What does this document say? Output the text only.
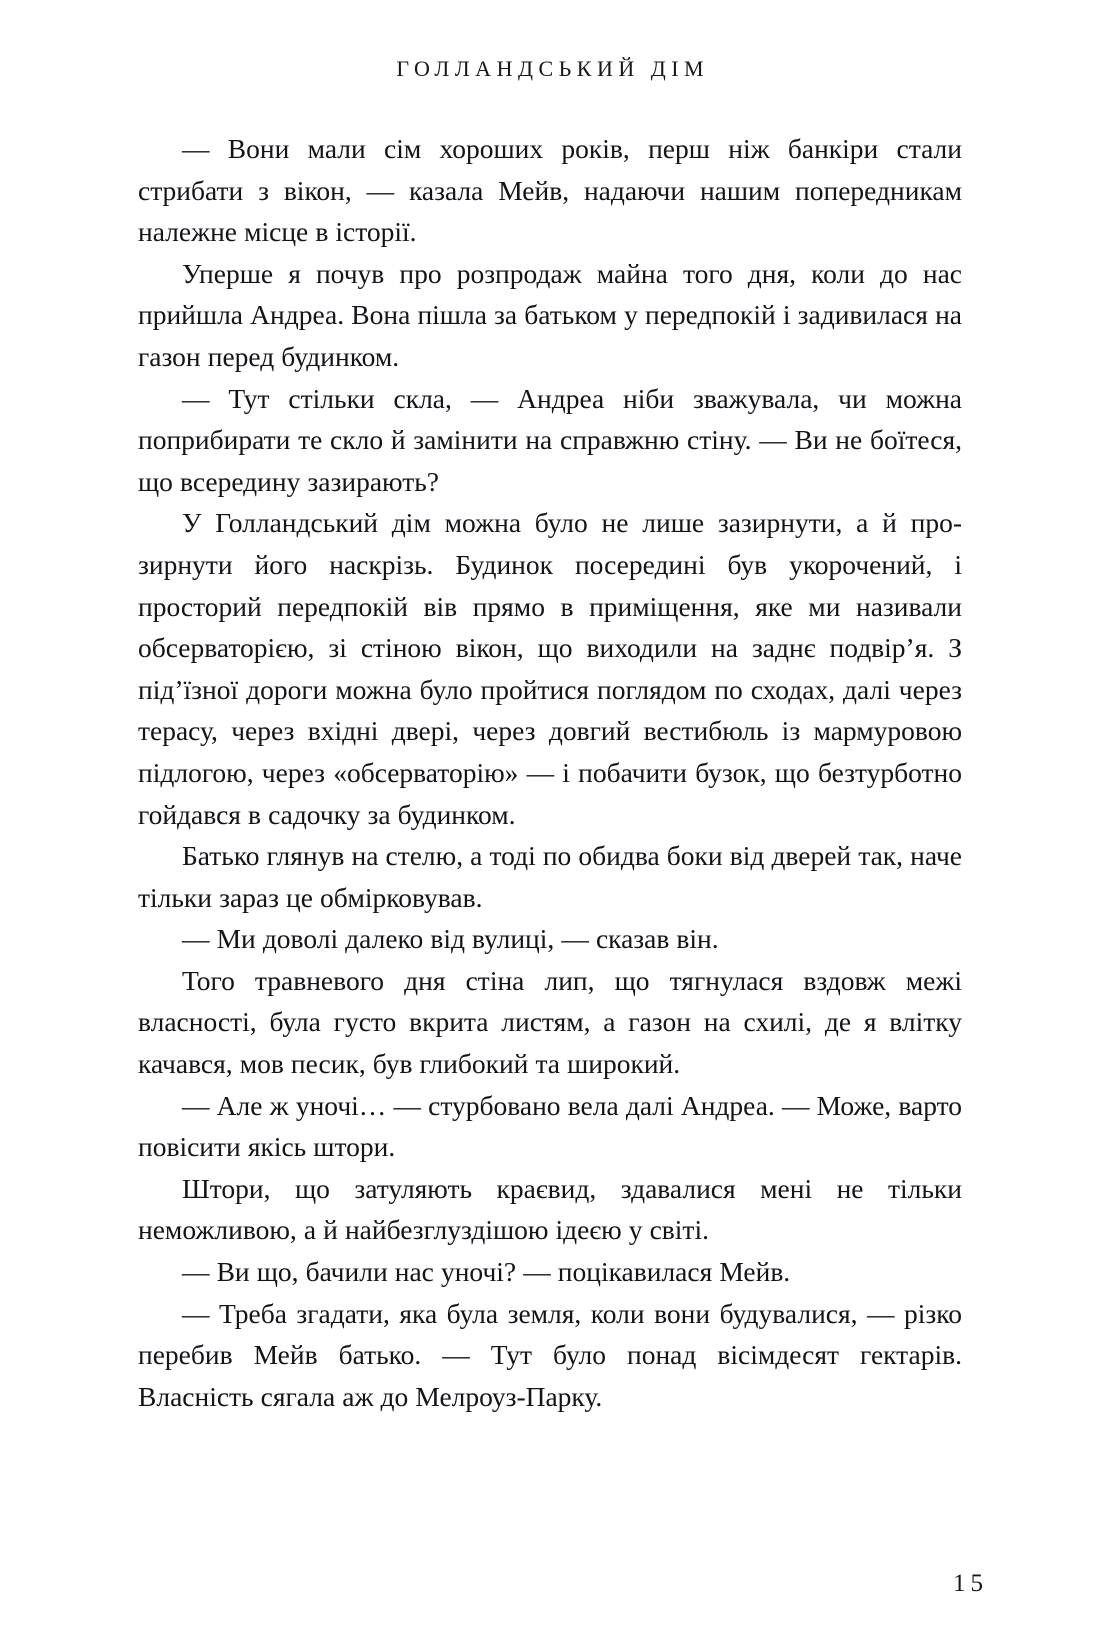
ГОЛЛАНДСЬКИЙ ДІМ

— Вони мали сім хороших років, перш ніж банкіри стали стрибати з вікон, — казала Мейв, надаючи нашим попередникам належне місце в історії.

Уперше я почув про розпродаж майна того дня, коли до нас прийшла Андреа. Вона пішла за батьком у передпокій і задивилася на газон перед будинком.

— Тут стільки скла, — Андреа ніби зважувала, чи можна поприбирати те скло й замінити на справжню стіну. — Ви не боїтеся, що всередину зазирають?

У Голландський дім можна було не лише зазирнути, а й прозирнути його наскрізь. Будинок посередині був укорочений, і просторий передпокій вів прямо в приміщення, яке ми називали обсерваторією, зі стіною вікон, що виходили на заднє подвір’я. З під’їзної дороги можна було пройтися поглядом по сходах, далі через терасу, через вхідні двері, через довгий вестибюль із мармуровою підлогою, через «обсерваторію» — і побачити бузок, що безтурботно гойдався в садочку за будинком.

Батько глянув на стелю, а тоді по обидва боки від дверей так, наче тільки зараз це обмірковував.

— Ми доволі далеко від вулиці, — сказав він.

Того травневого дня стіна лип, що тягнулася вздовж межі власності, була густо вкрита листям, а газон на схилі, де я влітку качався, мов песик, був глибокий та широкий.

— Але ж уночі… — стурбовано вела далі Андреа. — Може, варто повісити якісь штори.

Штори, що затуляють краєвид, здавалися мені не тільки неможливою, а й найбезглуздішою ідеєю у світі.

— Ви що, бачили нас уночі? — поцікавилася Мейв.

— Треба згадати, яка була земля, коли вони будувалися, — різко перебив Мейв батько. — Тут було понад вісімдесят гектарів. Власність сягала аж до Мелроуз-Парку.

15
